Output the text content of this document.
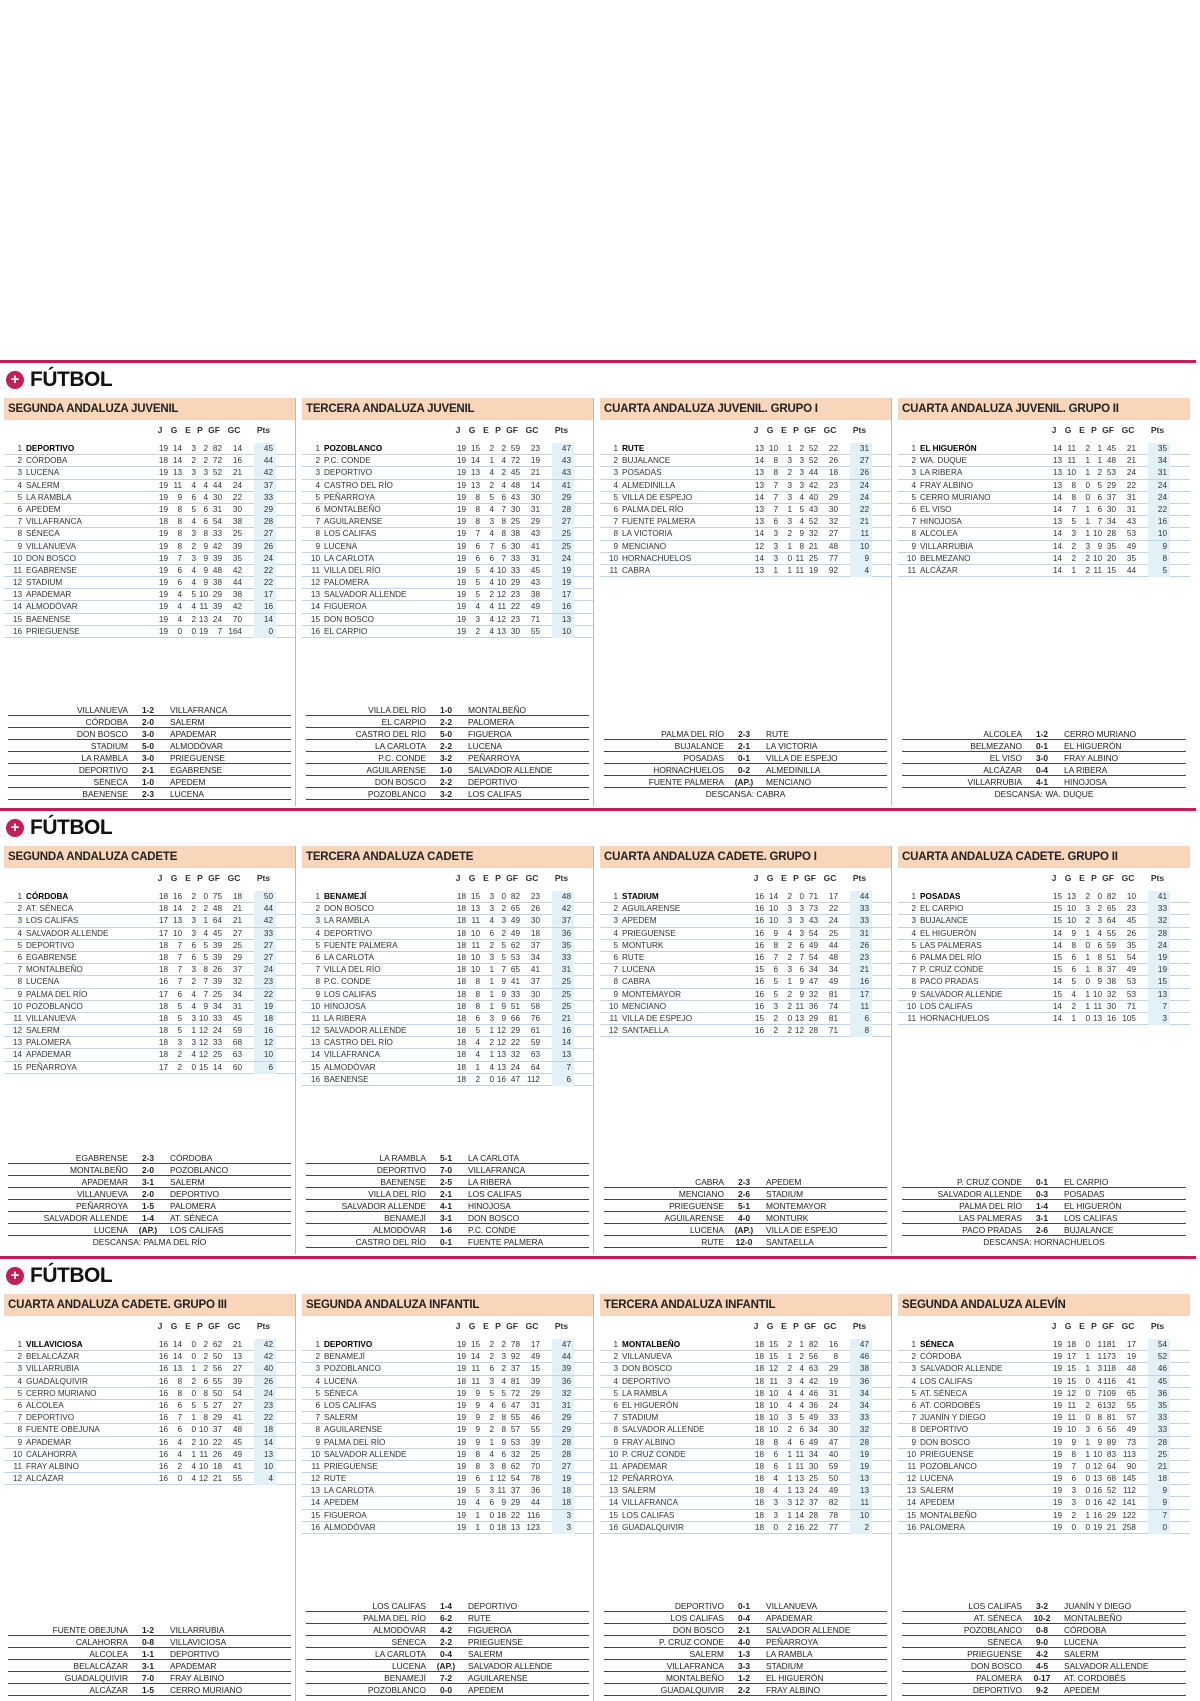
+ FÚTBOL
SEGUNDA ANDALUZA JUVENIL
J G E P GF GC	Pts
1 DEPORTIVO	19 14	3 2 82	14	45
2 CÓRDOBA	18 14	2 2 72	16	44
3 LUCENA	19 13	3 3 52	21	42
4 SALERM	19 11	4 4 44	24	37
5 LA RAMBLA	19	9	6 4 30	22	33
6 APEDEM	19	8	5 6 31	30	29
7 VILLAFRANCA	18	8	4 6 54	38	28
8 SÉNECA	19	8	3 8 33	25	27
9 VILLANUEVA	19	8	2 9 42	39	26
10 DON BOSCO	19	7	3 9 39	35	24
11 EGABRENSE	19	6	4 9 48	42	22
12 STADIUM	19	6	4 9 38	44	22
13 APADEMAR	19	4	5 10 29	38	17
14 ALMODÓVAR	19	4	4 11 39	42	16
15 BAENENSE	19	4	2 13 24	70	14
16 PRIEGUENSE	19	0	0 19	7 164	0
VILLANUEVA	1-2	VILLAFRANCA
CÓRDOBA	2-0	SALERM
DON BOSCO	3-0	APADEMAR
STADIUM	5-0	ALMODÓVAR
LA RAMBLA	3-0	PRIEGUENSE
DEPORTIVO	2-1	EGABRENSE
SÉNECA	1-0	APEDEM
BAENENSE	2-3	LUCENA
TERCERA ANDALUZA JUVENIL
J G E P GF GC	Pts
1 POZOBLANCO	19 15	2 2 59	23	47
2 P.C. CONDE	19 14	1 4 72	19	43
3 DEPORTIVO	19 13	4 2 45	21	43
4 CASTRO DEL RÍO	19 13	2 4 48	14	41
5 PEÑARROYA	19	8	5 6 43	30	29
6 MONTALBEÑO	19	8	4 7 30	31	28
7 AGUILARENSE	19	8	3 8 25	29	27
8 LOS CALIFAS	19	7	4 8 38	43	25
9 LUCENA	19	6	7 6 30	41	25
10 LA CARLOTA	19	6	6 7 33	31	24
11 VILLA DEL RÍO	19	5	4 10 33	45	19
12 PALOMERA	19	5	4 10 29	43	19
13 SALVADOR ALLENDE	19	5	2 12 23	38	17
14 FIGUEROA	19	4	4 11 22	49	16
15 DON BOSCO	19	3	4 12 23	71	13
16 EL CARPIO	19	2	4 13 30	55	10
VILLA DEL RÍO	1-0	MONTALBEÑO
EL CARPIO	2-2	PALOMERA
CASTRO DEL RÍO	5-0	FIGUEROA
LA CARLOTA	2-2	LUCENA
P.C. CONDE	3-2	PEÑARROYA
AGUILARENSE	1-0	SALVADOR ALLENDE
DON BOSCO	2-2	DEPORTIVO
POZOBLANCO	3-2	LOS CALIFAS
CUARTA ANDALUZA JUVENIL. GRUPO I
J G E P GF GC	Pts
1 RUTE	13 10	1 2 52	22	31
2 BUJALANCE	14	8	3 3 52	26	27
3 POSADAS	13	8	2 3 44	18	26
4 ALMEDINILLA	13	7	3 3 42	23	24
5 VILLA DE ESPEJO	14	7	3 4 40	29	24
6 PALMA DEL RÍO	13	7	1 5 43	30	22
7 FUENTE PALMERA	13	6	3 4 52	32	21
8 LA VICTORIA	14	3	2 9 32	27	11
9 MENCIANO	12	3	1 8 21	48	10
10 HORNACHUELOS	14	3	0 11 25	77	9
11 CABRA	13	1	1 11 19	92	4
PALMA DEL RÍO	2-3	RUTE
BUJALANCE	2-1	LA VICTORIA
POSADAS	0-1	VILLA DE ESPEJO
HORNACHUELOS	0-2	ALMEDINILLA
FUENTE PALMERA	(AP.)	MENCIANO
DESCANSA: CABRA
CUARTA ANDALUZA JUVENIL. GRUPO II
J G E P GF GC	Pts
1 EL HIGUERÓN	14 11	2 1 45	21	35
2 WA. DUQUE	13 11	1 1 48	21	34
3 LA RIBERA	13 10	1 2 53	24	31
4 FRAY ALBINO	13	8	0 5 29	22	24
5 CERRO MURIANO	14	8	0 6 37	31	24
6 EL VISO	14	7	1 6 30	31	22
7 HINOJOSA	13	5	1 7 34	43	16
8 ALCOLEA	14	3	1 10 28	53	10
9 VILLARRUBIA	14	2	3 9 35	49	9
10 BELMEZANO	14	2	2 10 20	35	8
11 ALCÁZAR	14	1	2 11 15	44	5
ALCOLEA	1-2	CERRO MURIANO
BELMEZANO	0-1	EL HIGUERÓN
EL VISO	3-0	FRAY ALBINO
ALCÁZAR	0-4	LA RIBERA
VILLARRUBIA	4-1	HINOJOSA
DESCANSA: WA. DUQUE
+ FÚTBOL
SEGUNDA ANDALUZA CADETE
J G E P GF GC	Pts
1 CÓRDOBA	18 16	2 0 75	18	50
2 AT. SÉNECA	18 14	2 2 48	21	44
3 LOS CALIFAS	17 13	3 1 64	21	42
4 SALVADOR ALLENDE	17 10	3 4 45	27	33
5 DEPORTIVO	18	7	6 5 39	25	27
6 EGABRENSE	18	7	6 5 39	29	27
7 MONTALBEÑO	18	7	3 8 26	37	24
8 LUCENA	16	7	2 7 39	32	23
9 PALMA DEL RÍO	17	6	4 7 25	34	22
10 POZOBLANCO	18	5	4 9 34	31	19
11 VILLANUEVA	18	5	3 10 33	45	18
12 SALERM	18	5	1 12 24	59	16
13 PALOMERA	18	3	3 12 33	68	12
14 APADEMAR	18	2	4 12 25	63	10
15 PEÑARROYA	17	2	0 15 14	60	6
EGABRENSE	2-3	CÓRDOBA
MONTALBEÑO	2-0	POZOBLANCO
APADEMAR	3-1	SALERM
VILLANUEVA	2-0	DEPORTIVO
PEÑARROYA	1-5	PALOMERA
SALVADOR ALLENDE	1-4	AT. SÉNECA
LUCENA	(AP.)	LOS CALIFAS
DESCANSA: PALMA DEL RÍO
TERCERA ANDALUZA CADETE
J G E P GF GC	Pts
1 BENAMEJÍ	18 15	3 0 82	23	48
2 DON BOSCO	18 13	3 2 65	26	42
3 LA RAMBLA	18 11	4 3 49	30	37
4 DEPORTIVO	18 10	6 2 49	18	36
5 FUENTE PALMERA	18 11	2 5 62	37	35
6 LA CARLOTA	18 10	3 5 53	34	33
7 VILLA DEL RÍO	18 10	1 7 65	41	31
8 P.C. CONDE	18	8	1 9 41	37	25
9 LOS CALIFAS	18	8	1 9 33	30	25
10 HINOJOSA	18	8	1 9 51	58	25
11 LA RIBERA	18	6	3 9 66	76	21
12 SALVADOR ALLENDE	18	5	1 12 29	61	16
13 CASTRO DEL RÍO	18	4	2 12 22	59	14
14 VILLAFRANCA	18	4	1 13 32	63	13
15 ALMODÓVAR	18	1	4 13 24	64	7
16 BAENENSE	18	2	0 16 47 112	6
LA RAMBLA	5-1	LA CARLOTA
DEPORTIVO	7-0	VILLAFRANCA
BAENENSE	2-5	LA RIBERA
VILLA DEL RÍO	2-1	LOS CALIFAS
SALVADOR ALLENDE	4-1	HINOJOSA
BENAMEJÍ	3-1	DON BOSCO
ALMODÓVAR	1-6	P.C. CONDE
CASTRO DEL RÍO	0-1	FUENTE PALMERA
CUARTA ANDALUZA CADETE. GRUPO I
J G E P GF GC	Pts
1 STADIUM	16 14	2 0 71	17	44
2 AGUILARENSE	16 10	3 3 73	22	33
3 APEDEM	16 10	3 3 43	24	33
4 PRIEGUENSE	16	9	4 3 54	25	31
5 MONTURK	16	8	2 6 49	44	26
6 RUTE	16	7	2 7 54	48	23
7 LUCENA	15	6	3 6 34	34	21
8 CABRA	16	5	1 9 47	49	16
9 MONTEMAYOR	16	5	2 9 32	81	17
10 MENCIANO	16	3	2 11 36	74	11
11 VILLA DE ESPEJO	15	2	0 13 29	81	6
12 SANTAELLA	16	2	2 12 28	71	8
CABRA	2-3	APEDEM
MENCIANO	2-6	STADIUM
PRIEGUENSE	5-1	MONTEMAYOR
AGUILARENSE	4-0	MONTURK
LUCENA	(AP.)	VILLA DE ESPEJO
RUTE	12-0	SANTAELLA
CUARTA ANDALUZA CADETE. GRUPO II
J G E P GF GC	Pts
1 POSADAS	15 13	2 0 82	10	41
2 EL CARPIO	15 10	3 2 65	23	33
3 BUJALANCE	15 10	2 3 64	45	32
4 EL HIGUERÓN	14	9	1 4 55	26	28
5 LAS PALMERAS	14	8	0 6 59	35	24
6 PALMA DEL RÍO	15	6	1 8 51	54	19
7 P. CRUZ CONDE	15	6	1 8 37	49	19
8 PACO PRADAS	14	5	0 9 38	53	15
9 SALVADOR ALLENDE	15	4	1 10 32	53	13
10 LOS CALIFAS	14	2	1 11 30	71	7
11 HORNACHUELOS	14	1	0 13 16 105	3
P. CRUZ CONDE	0-1	EL CARPIO
SALVADOR ALLENDE	0-3	POSADAS
PALMA DEL RÍO	1-4	EL HIGUERÓN
LAS PALMERAS	3-1	LOS CALIFAS
PACO PRADAS	2-6	BUJALANCE
DESCANSA: HORNACHUELOS
+ FÚTBOL
CUARTA ANDALUZA CADETE. GRUPO III
J G E P GF GC	Pts
1 VILLAVICIOSA	16 14	0 2 62	21	42
2 BELALCÁZAR	16 14	0 2 50	13	42
3 VILLARRUBIA	16 13	1 2 56	27	40
4 GUADALQUIVIR	16	8	2 6 55	39	26
5 CERRO MURIANO	16	8	0 8 50	54	24
6 ALCOLEA	16	6	5 5 27	27	23
7 DEPORTIVO	16	7	1 8 29	41	22
8 FUENTE OBEJUNA	16	6	0 10 37	48	18
9 APADEMAR	16	4	2 10 22	45	14
10 CALAHORRA	16	4	1 11 26	49	13
11 FRAY ALBINO	16	2	4 10 18	41	10
12 ALCÁZAR	16	0	4 12 21	55	4
FUENTE OBEJUNA	1-2	VILLARRUBIA
CALAHORRA	0-8	VILLAVICIOSA
ALCOLEA	1-1	DEPORTIVO
BELALCÁZAR	3-1	APADEMAR
GUADALQUIVIR	7-0	FRAY ALBINO
ALCÁZAR	1-5	CERRO MURIANO
SEGUNDA ANDALUZA INFANTIL
J G E P GF GC	Pts
1 DEPORTIVO	19 15	2 2 78	17	47
2 BENAMEJÍ	19 14	2 3 92	49	44
3 POZOBLANCO	19 11	6 2 37	15	39
4 LUCENA	18 11	3 4 81	39	36
5 SÉNECA	19	9	5 5 72	29	32
6 LOS CALIFAS	19	9	4 6 47	31	31
7 SALERM	19	9	2 8 55	46	29
8 AGUILARENSE	19	9	2 8 57	55	29
9 PALMA DEL RÍO	19	9	1 9 53	39	28
10 SALVADOR ALLENDE	19	8	4 6 32	25	28
11 PRIEGUENSE	19	8	3 8 62	70	27
12 RUTE	19	6	1 12 54	78	19
13 LA CARLOTA	19	5	3 11 37	36	18
14 APEDEM	19	4	6 9 29	44	18
15 FIGUEROA	19	1	0 18 22 116	3
16 ALMODÓVAR	19	1	0 18 13 123	3
LOS CALIFAS	1-4	DEPORTIVO
PALMA DEL RÍO	6-2	RUTE
ALMODÓVAR	4-2	FIGUEROA
SÉNECA	2-2	PRIEGUENSE
LA CARLOTA	0-4	SALERM
LUCENA	(AP.)	SALVADOR ALLENDE
BENAMEJÍ	7-2	AGUILARENSE
POZOBLANCO	0-0	APEDEM
TERCERA ANDALUZA INFANTIL
J G E P GF GC	Pts
1 MONTALBEÑO	18 15	2 1 82	16	47
2 VILLANUEVA	18 15	1 2 56	8	46
3 DON BOSCO	18 12	2 4 63	29	38
4 DEPORTIVO	18 11	3 4 42	19	36
5 LA RAMBLA	18 10	4 4 46	31	34
6 EL HIGUERÓN	18 10	4 4 36	24	34
7 STADIUM	18 10	3 5 49	33	33
8 SALVADOR ALLENDE	18 10	2 6 34	30	32
9 FRAY ALBINO	18	8	4 6 49	47	28
10 P. CRUZ CONDE	18	6	1 11 34	40	19
11 APADEMAR	18	6	1 11 30	59	19
12 PEÑARROYA	18	4	1 13 25	50	13
13 SALERM	18	4	1 13 24	49	13
14 VILLAFRANCA	18	3	3 12 37	82	11
15 LOS CALIFAS	18	3	1 14 28	78	10
16 GUADALQUIVIR	18	0	2 16 22	77	2
DEPORTIVO	0-1	VILLANUEVA
LOS CALIFAS	0-4	APADEMAR
DON BOSCO	2-1	SALVADOR ALLENDE
P. CRUZ CONDE	4-0	PEÑARROYA
SALERM	1-3	LA RAMBLA
VILLAFRANCA	3-3	STADIUM
MONTALBEÑO	1-2	EL HIGUERÓN
GUADALQUIVIR	2-2	FRAY ALBINO
SEGUNDA ANDALUZA ALEVÍN
J G E P GF GC	Pts
1 SÉNECA	19 18	0 1 181	17	54
2 CÓRDOBA	19 17	1 1 173	19	52
3 SALVADOR ALLENDE	19 15	1 3 118	48	46
4 LOS CALIFAS	19 15	0 4 116	41	45
5 AT. SÉNECA	19 12	0 7 109	65	36
6 AT. CORDOBÉS	19 11	2 6 132	55	35
7 JUANÍN Y DIEGO	19 11	0 8 81	57	33
8 DEPORTIVO	19 10	3 6 56	49	33
9 DON BOSCO	19	9	1 9 89	73	28
10 PRIEGUENSE	19	8	1 10 83 113	25
11 POZOBLANCO	19	7	0 12 64	90	21
12 LUCENA	19	6	0 13 68 145	18
13 SALERM	19	3	0 16 52 112	9
14 APEDEM	19	3	0 16 42 141	9
15 MONTALBEÑO	19	2	1 16 29 122	7
16 PALOMERA	19	0	0 19 21 258	0
LOS CALIFAS	3-2	JUANÍN Y DIEGO
AT. SÉNECA	10-2	MONTALBEÑO
POZOBLANCO	0-8	CÓRDOBA
SÉNECA	9-0	LUCENA
PRIEGUENSE	4-2	SALERM
DON BOSCO	4-5	SALVADOR ALLENDE
PALOMERA	0-17	AT. CORDOBÉS
DEPORTIVO	9-2	APEDEM
